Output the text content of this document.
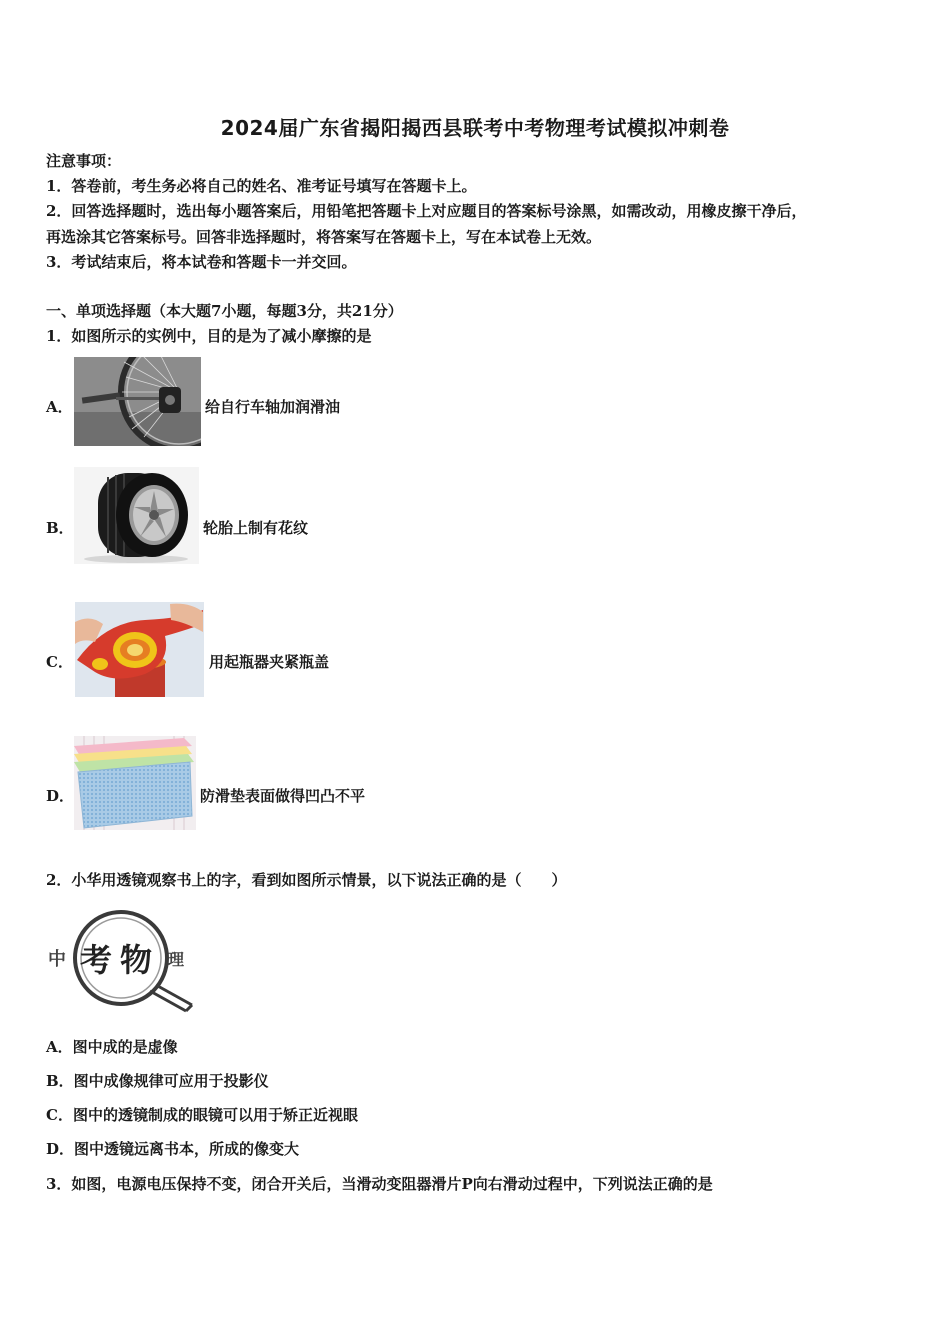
2024届广东省揭阳揭西县联考中考物理考试模拟冲刺卷
注意事项：
1．答卷前，考生务必将自己的姓名、准考证号填写在答题卡上。
2．回答选择题时，选出每小题答案后，用铅笔把答题卡上对应题目的答案标号涂黑，如需改动，用橡皮擦干净后，
再选涂其它答案标号。回答非选择题时，将答案写在答题卡上，写在本试卷上无效。
3．考试结束后，将本试卷和答题卡一并交回。
一、单项选择题（本大题7小题，每题3分，共21分）
1．如图所示的实例中，目的是为了减小摩擦的是
A．	给自行车轴加润滑油
B．	轮胎上制有花纹
C．	用起瓶器夹紧瓶盖
D．	防滑垫表面做得凹凸不平
2．小华用透镜观察书上的字，看到如图所示情景，以下说法正确的是（　　）
中 考 物 理
A．图中成的是虚像
B．图中成像规律可应用于投影仪
C．图中的透镜制成的眼镜可以用于矫正近视眼
D．图中透镜远离书本，所成的像变大
3．如图，电源电压保持不变，闭合开关后，当滑动变阻器滑片P向右滑动过程中，下列说法正确的是
